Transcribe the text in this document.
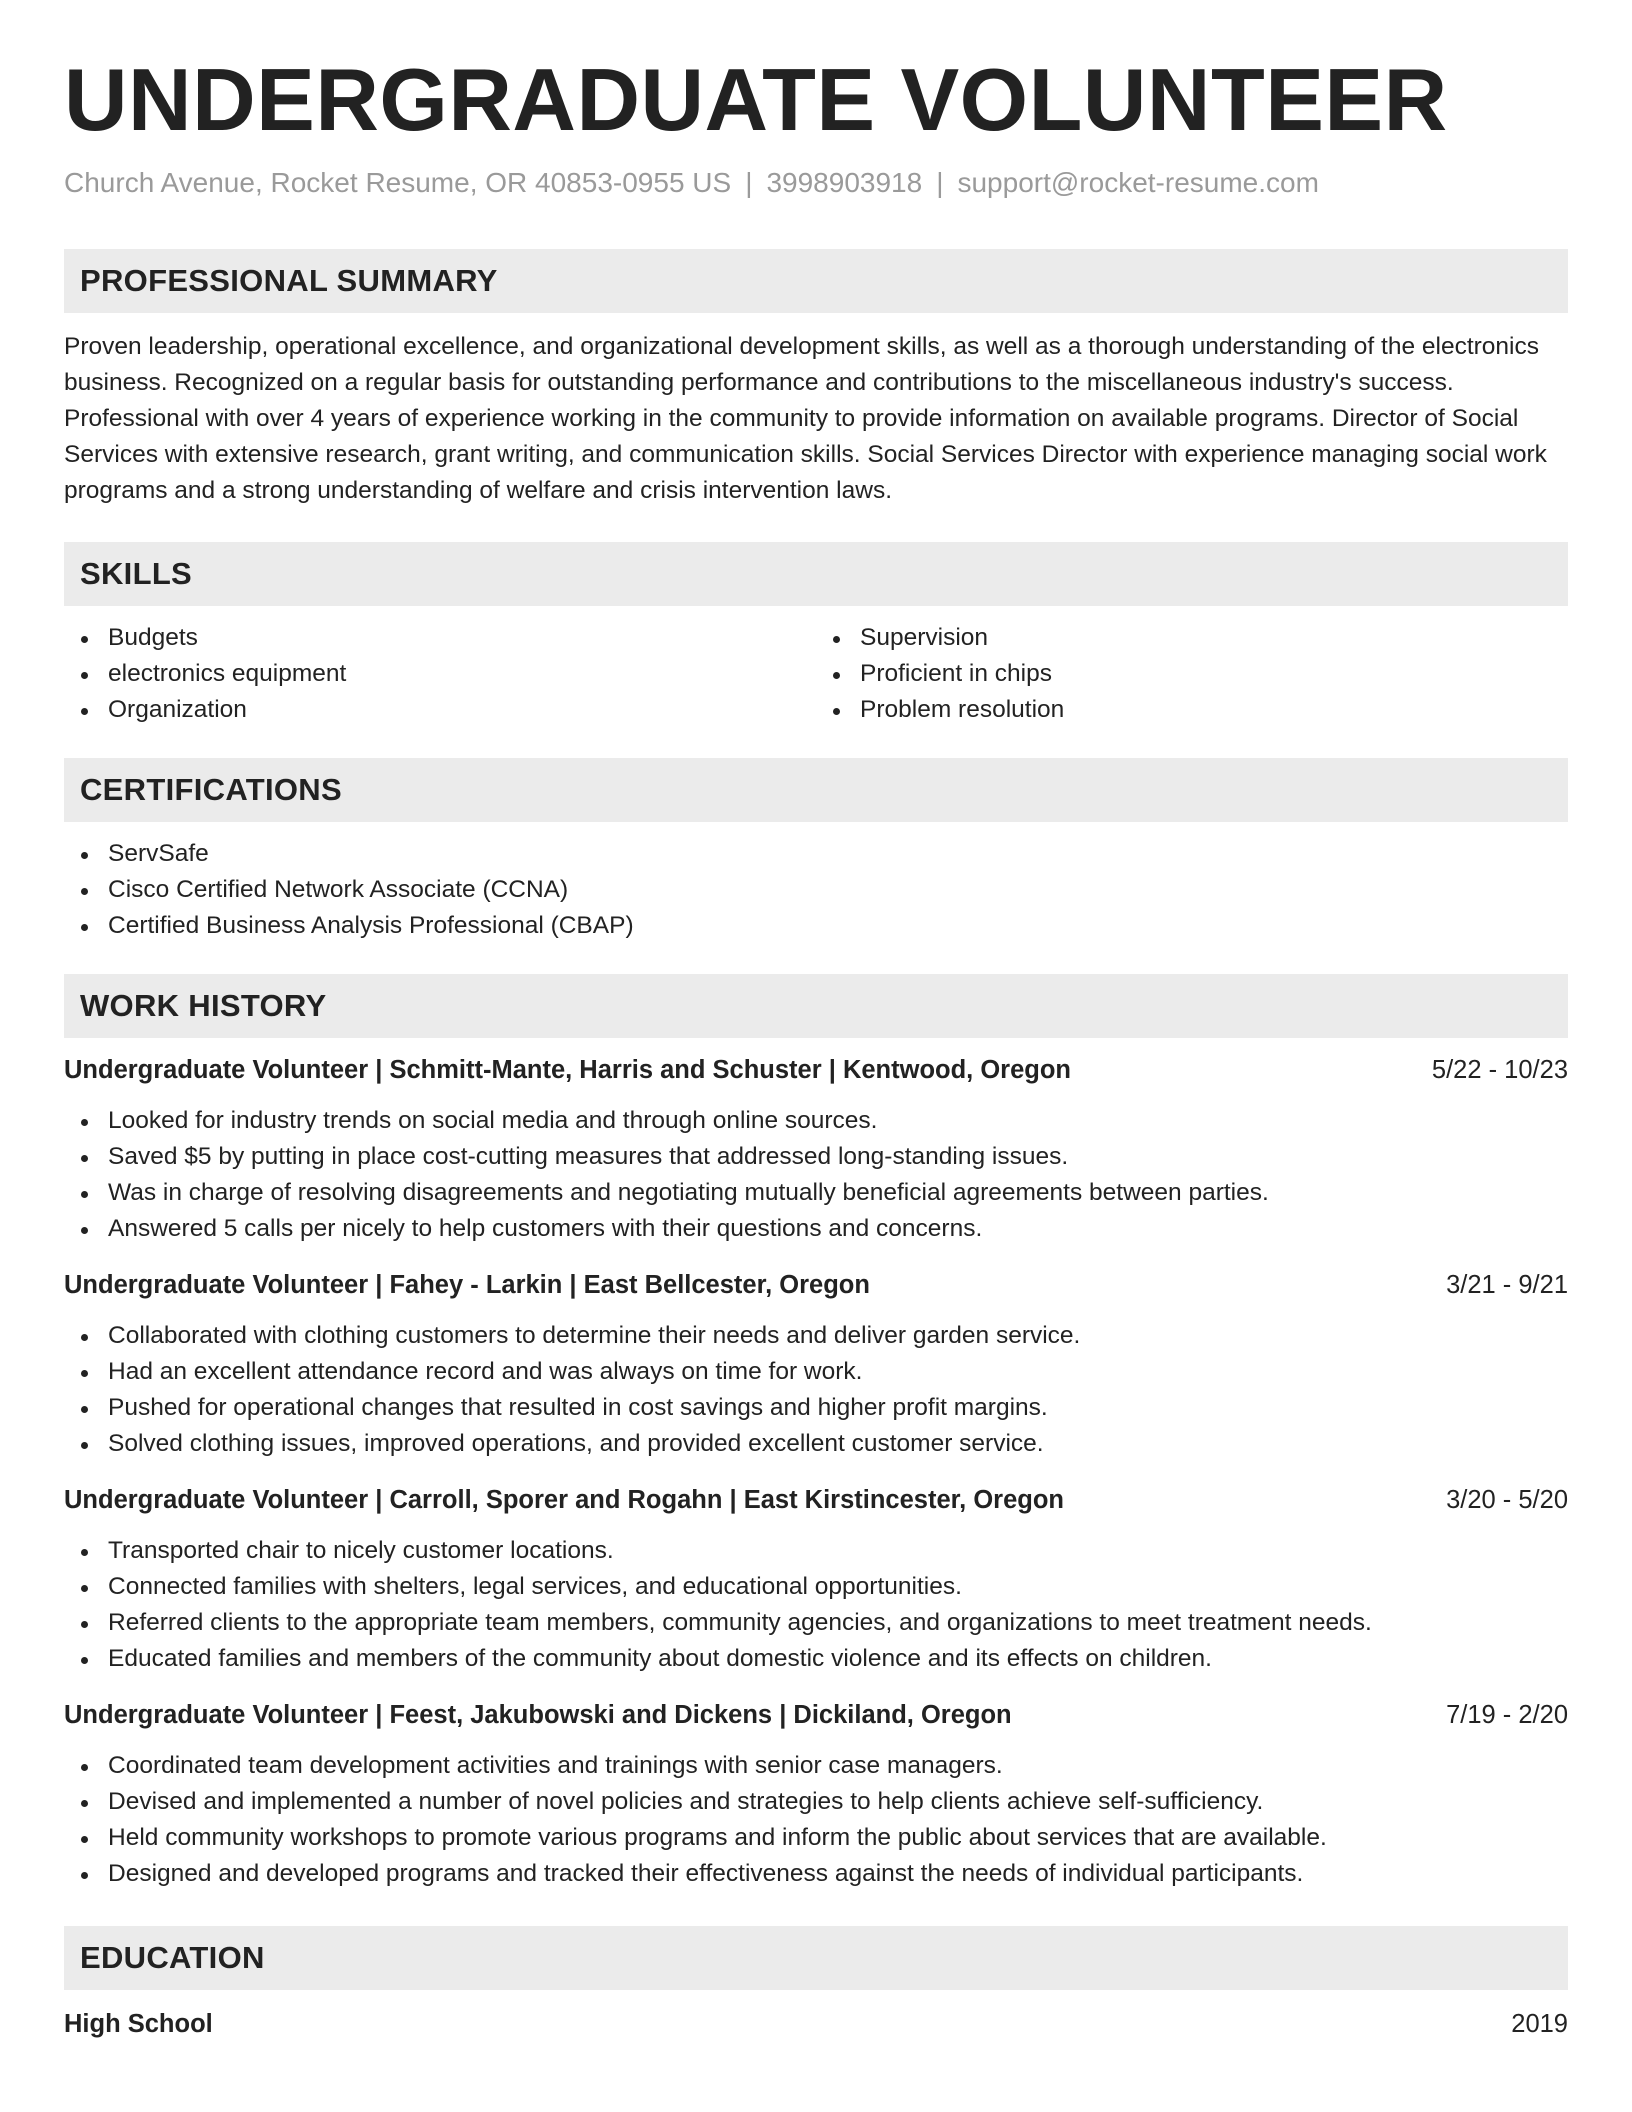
UNDERGRADUATE VOLUNTEER
Church Avenue, Rocket Resume, OR 40853-0955 US | 3998903918 | support@rocket-resume.com
PROFESSIONAL SUMMARY

Proven leadership, operational excellence, and organizational development skills, as well as a thorough understanding of the electronics business. Recognized on a regular basis for outstanding performance and contributions to the miscellaneous industry's success. Professional with over 4 years of experience working in the community to provide information on available programs. Director of Social Services with extensive research, grant writing, and communication skills. Social Services Director with experience managing social work programs and a strong understanding of welfare and crisis intervention laws.

SKILLS
Budgets
electronics equipment
Organization
Supervision
Proficient in chips
Problem resolution
CERTIFICATIONS
ServSafe
Cisco Certified Network Associate (CCNA)
Certified Business Analysis Professional (CBAP)
WORK HISTORY
Undergraduate Volunteer | Schmitt-Mante, Harris and Schuster | Kentwood, Oregon	5/22 - 10/23
Looked for industry trends on social media and through online sources.
Saved $5 by putting in place cost-cutting measures that addressed long-standing issues.
Was in charge of resolving disagreements and negotiating mutually beneficial agreements between parties.
Answered 5 calls per nicely to help customers with their questions and concerns.
Undergraduate Volunteer | Fahey - Larkin | East Bellcester, Oregon	3/21 - 9/21
Collaborated with clothing customers to determine their needs and deliver garden service.
Had an excellent attendance record and was always on time for work.
Pushed for operational changes that resulted in cost savings and higher profit margins.
Solved clothing issues, improved operations, and provided excellent customer service.
Undergraduate Volunteer | Carroll, Sporer and Rogahn | East Kirstincester, Oregon	3/20 - 5/20
Transported chair to nicely customer locations.
Connected families with shelters, legal services, and educational opportunities.
Referred clients to the appropriate team members, community agencies, and organizations to meet treatment needs.
Educated families and members of the community about domestic violence and its effects on children.
Undergraduate Volunteer | Feest, Jakubowski and Dickens | Dickiland, Oregon	7/19 - 2/20
Coordinated team development activities and trainings with senior case managers.
Devised and implemented a number of novel policies and strategies to help clients achieve self-sufficiency.
Held community workshops to promote various programs and inform the public about services that are available.
Designed and developed programs and tracked their effectiveness against the needs of individual participants.
EDUCATION
High School	2019
